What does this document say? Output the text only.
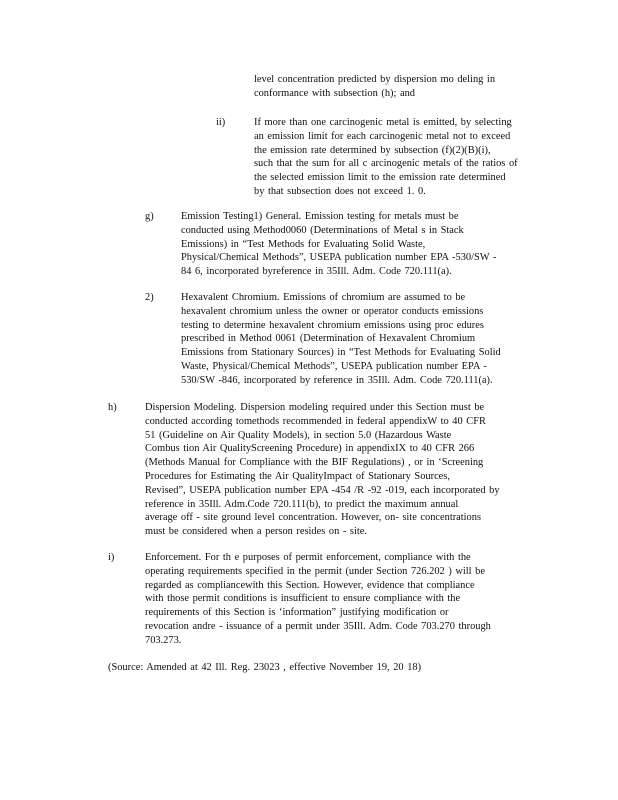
level concentration predicted by dispersion mo deling in
conformance with subsection (h); and
ii)	If more than one carcinogenic metal is emitted, by selecting
an emission limit for each carcinogenic metal not to exceed
the emission rate determined by subsection (f)(2)(B)(i),
such that the sum for all c arcinogenic metals of the ratios of
the selected emission limit to the emission rate determined
by that subsection does not exceed 1. 0.
g)	Emission Testing1) General. Emission testing for metals must be
conducted using Method0060 (Determinations of Metal s in Stack
Emissions) in “Test Methods for Evaluating Solid Waste,
Physical/Chemical Methods”, USEPA publication number EPA -530/SW -
84 6, incorporated byreference in 35Ill. Adm. Code 720.111(a).
2)	Hexavalent Chromium. Emissions of chromium are assumed to be
hexavalent chromium unless the owner or operator conducts emissions
testing to determine hexavalent chromium emissions using proc edures
prescribed in Method 0061 (Determination of Hexavalent Chromium
Emissions from Stationary Sources) in “Test Methods for Evaluating Solid
Waste, Physical/Chemical Methods”, USEPA publication number EPA -
530/SW -846, incorporated by reference in 35Ill. Adm. Code 720.111(a).
h)	Dispersion Modeling. Dispersion modeling required under this Section must be
conducted according tomethods recommended in federal appendixW to 40 CFR
51 (Guideline on Air Quality Models), in section 5.0 (Hazardous Waste
Combus tion Air QualityScreening Procedure) in appendixIX to 40 CFR 266
(Methods Manual for Compliance with the BIF Regulations) , or in ‘Screening
Procedures for Estimating the Air QualityImpact of Stationary Sources,
Revised”, USEPA publication number EPA -454 /R -92 -019, each incorporated by
reference in 35Ill. Adm.Code 720.111(b), to predict the maximum annual
average off - site ground level concentration. However, on- site concentrations
must be considered when a person resides on - site.
i)	Enforcement. For th e purposes of permit enforcement, compliance with the
operating requirements specified in the permit (under Section 726.202 ) will be
regarded as compliancewith this Section. However, evidence that compliance
with those permit conditions is insufficient to ensure compliance with the
requirements of this Section is ‘information” justifying modification or
revocation andre - issuance of a permit under 35Ill. Adm. Code 703.270 through
703.273.
(Source: Amended at 42 Ill. Reg. 23023 , effective November 19, 20 18)
